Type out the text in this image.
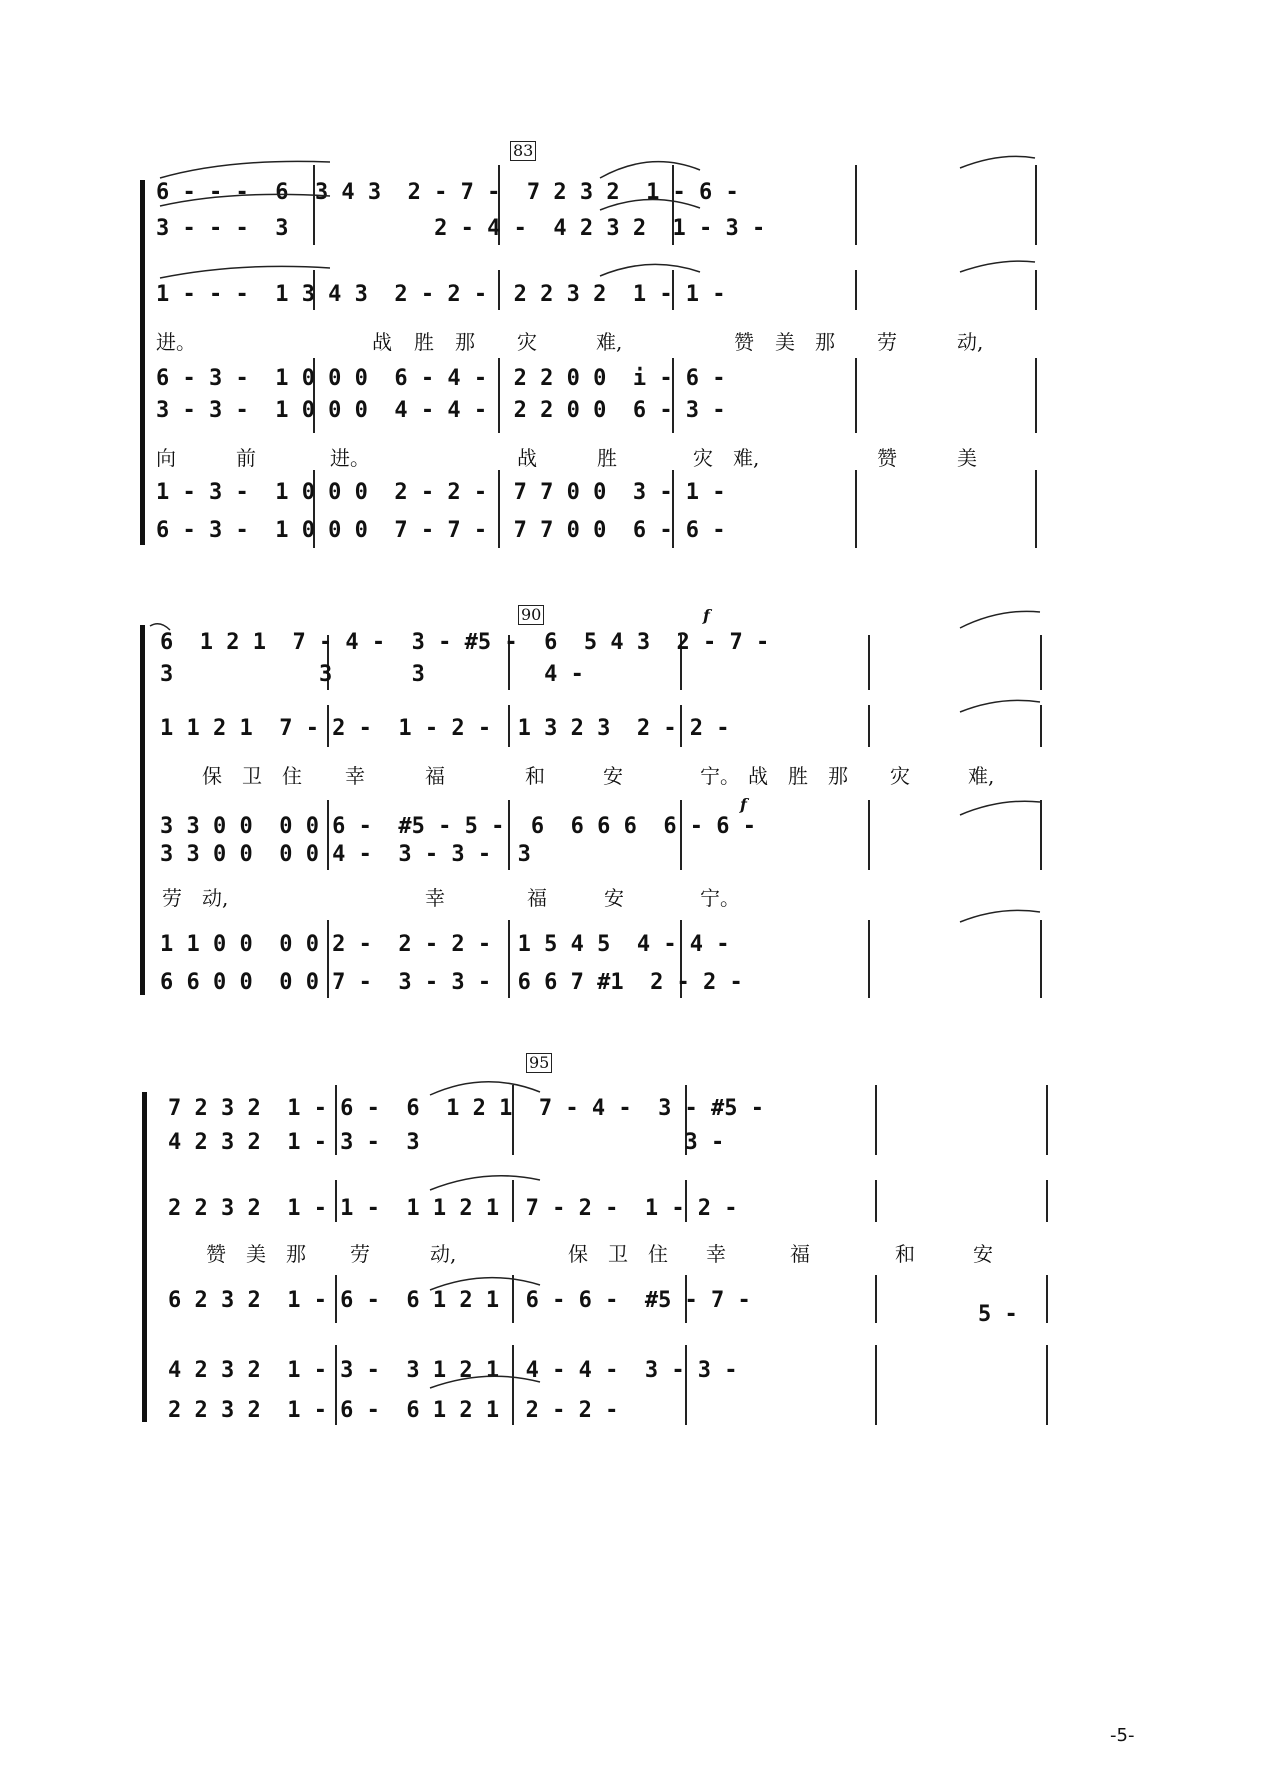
83
6 - - -  6  3 4 3  2 - 7 -  7 2 3 2  1 - 6 -
3 - - -  3           2 - 4 -  4 2 3 2  1 - 3 -
1 - - -  1 3 4 3  2 - 2 -  2 2 3 2  1 - 1 -
进。	战 胜 那 灾	难,	赞 美 那 劳	动,
6 - 3 -  1 0 0 0  6 - 4 -  2 2 0 0  i - 6 -
3 - 3 -  1 0 0 0  4 - 4 -  2 2 0 0  6 - 3 -
向	前	进。	战	胜	灾 难,	赞	美
1 - 3 -  1 0 0 0  2 - 2 -  7 7 0 0  3 - 1 -
6 - 3 -  1 0 0 0  7 - 7 -  7 7 0 0  6 - 6 -
90	f
f
6  1 2 1  7 - 4 -  3 - #5 -  6  5 4 3  2 - 7 -
3           3      3         4 -
1 1 2 1  7 - 2 -  1 - 2 -  1 3 2 3  2 - 2 -
保 卫 住 幸	福	和	安	宁。 战 胜 那 灾	难,
3 3 0 0  0 0 6 -  #5 - 5 -  6  6 6 6  6 - 6 -
3 3 0 0  0 0 4 -  3 - 3 -  3
劳 动,	幸	福	安	宁。
1 1 0 0  0 0 2 -  2 - 2 -  1 5 4 5  4 - 4 -
6 6 0 0  0 0 7 -  3 - 3 -  6 6 7 #1  2 - 2 -
95
7 2 3 2  1 - 6 -  6  1 2 1  7 - 4 -  3 - #5 -
4 2 3 2  1 - 3 -  3                    3 -
2 2 3 2  1 - 1 -  1 1 2 1  7 - 2 -  1 - 2 -
赞 美 那 劳	动,	保 卫 住 幸	福	和	安
6 2 3 2  1 - 6 -  6 1 2 1  6 - 6 -  #5 - 7 -
5 -
4 2 3 2  1 - 3 -  3 1 2 1  4 - 4 -  3 - 3 -
2 2 3 2  1 - 6 -  6 1 2 1  2 - 2 -
-5-
